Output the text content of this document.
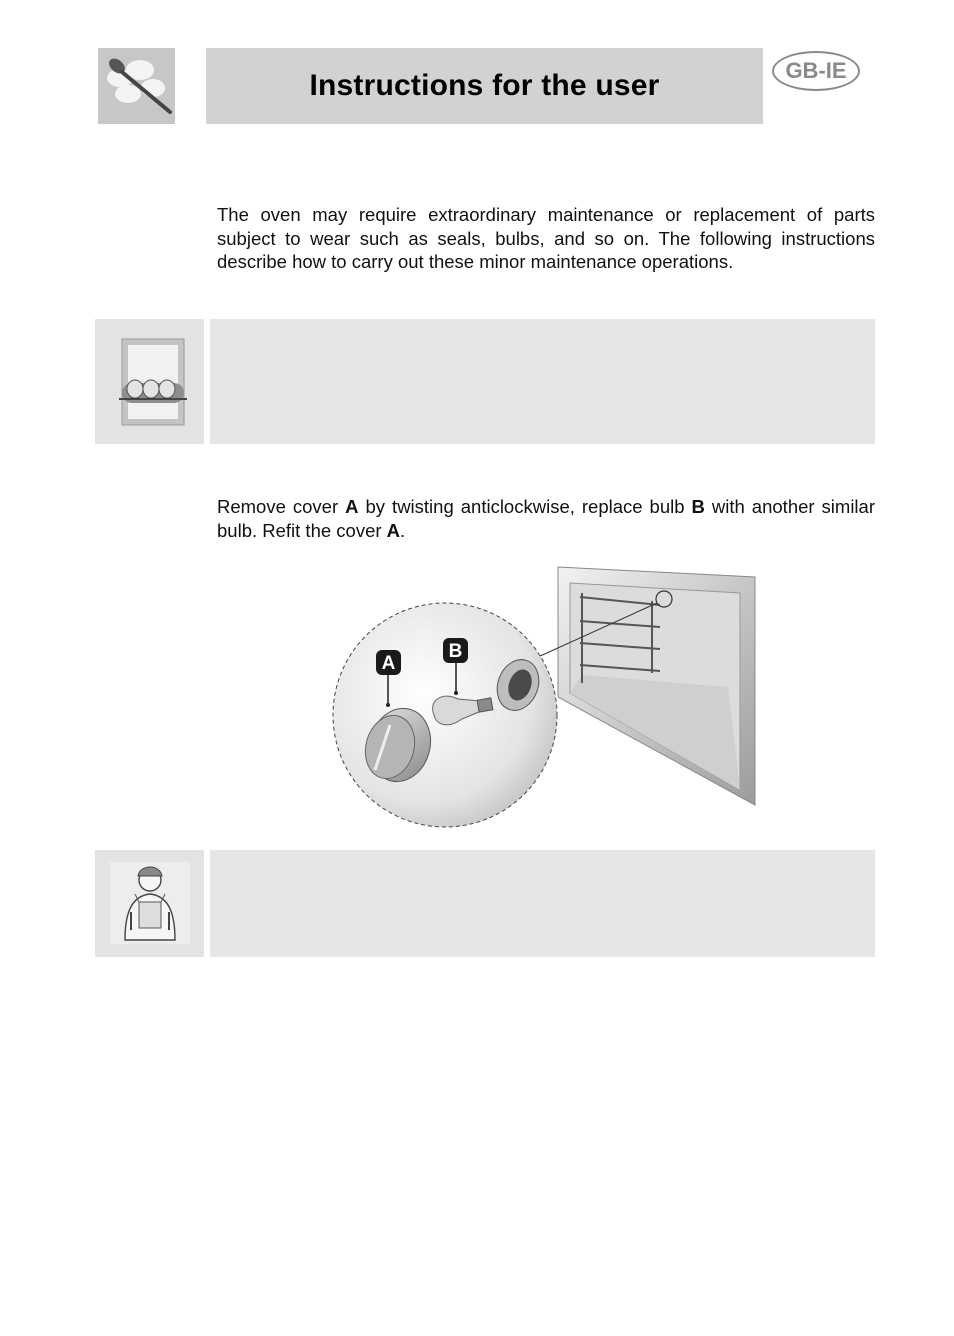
Instructions for the user	GB-IE
The oven may require extraordinary maintenance or replacement of parts subject to wear such as seals, bulbs, and so on. The following instructions describe how to carry out these minor maintenance operations.
Remove cover A by twisting anticlockwise, replace bulb B with another similar bulb. Refit the cover A.
A
B
